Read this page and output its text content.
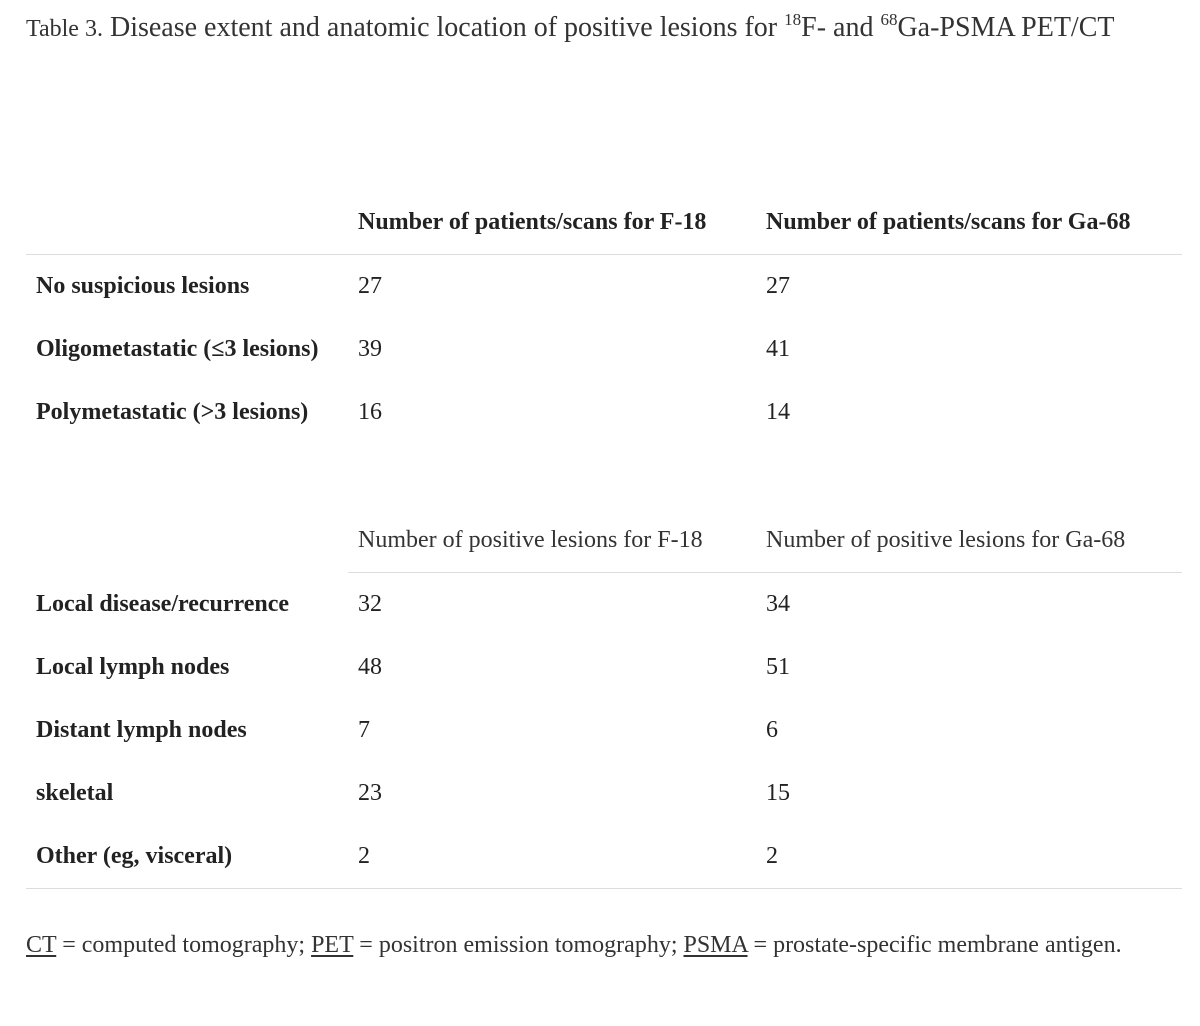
Table 3. Disease extent and anatomic location of positive lesions for $^{18}$F- and $^{68}$Ga-PSMA PET/CT
	Number of patients/scans for F-18	Number of patients/scans for Ga-68
No suspicious lesions	27	27
Oligometastatic (≤3 lesions)	39	41
Polymetastatic (>3 lesions)	16	14

	Number of positive lesions for F-18	Number of positive lesions for Ga-68
Local disease/recurrence	32	34
Local lymph nodes	48	51
Distant lymph nodes	7	6
skeletal	23	15
Other (eg, visceral)	2	2
CT = computed tomography; PET = positron emission tomography; PSMA = prostate-specific membrane antigen.
